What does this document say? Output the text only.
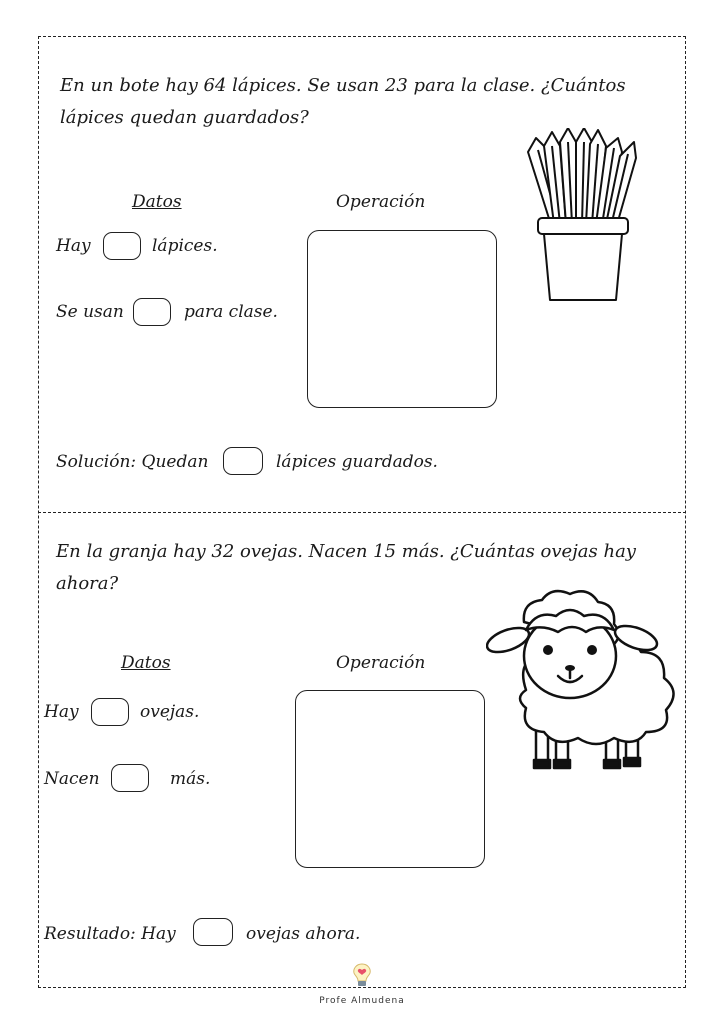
En un bote hay 64 lápices. Se usan 23 para la clase. ¿Cuántos lápices quedan guardados?
Datos	Operación
Hay	lápices.
Se usan	para clase.
Solución: Quedan	lápices guardados.
En la granja hay 32 ovejas. Nacen 15 más. ¿Cuántas ovejas hay ahora?
Datos	Operación
Hay	ovejas.
Nacen	más.
Resultado: Hay	ovejas ahora.
Profe Almudena
